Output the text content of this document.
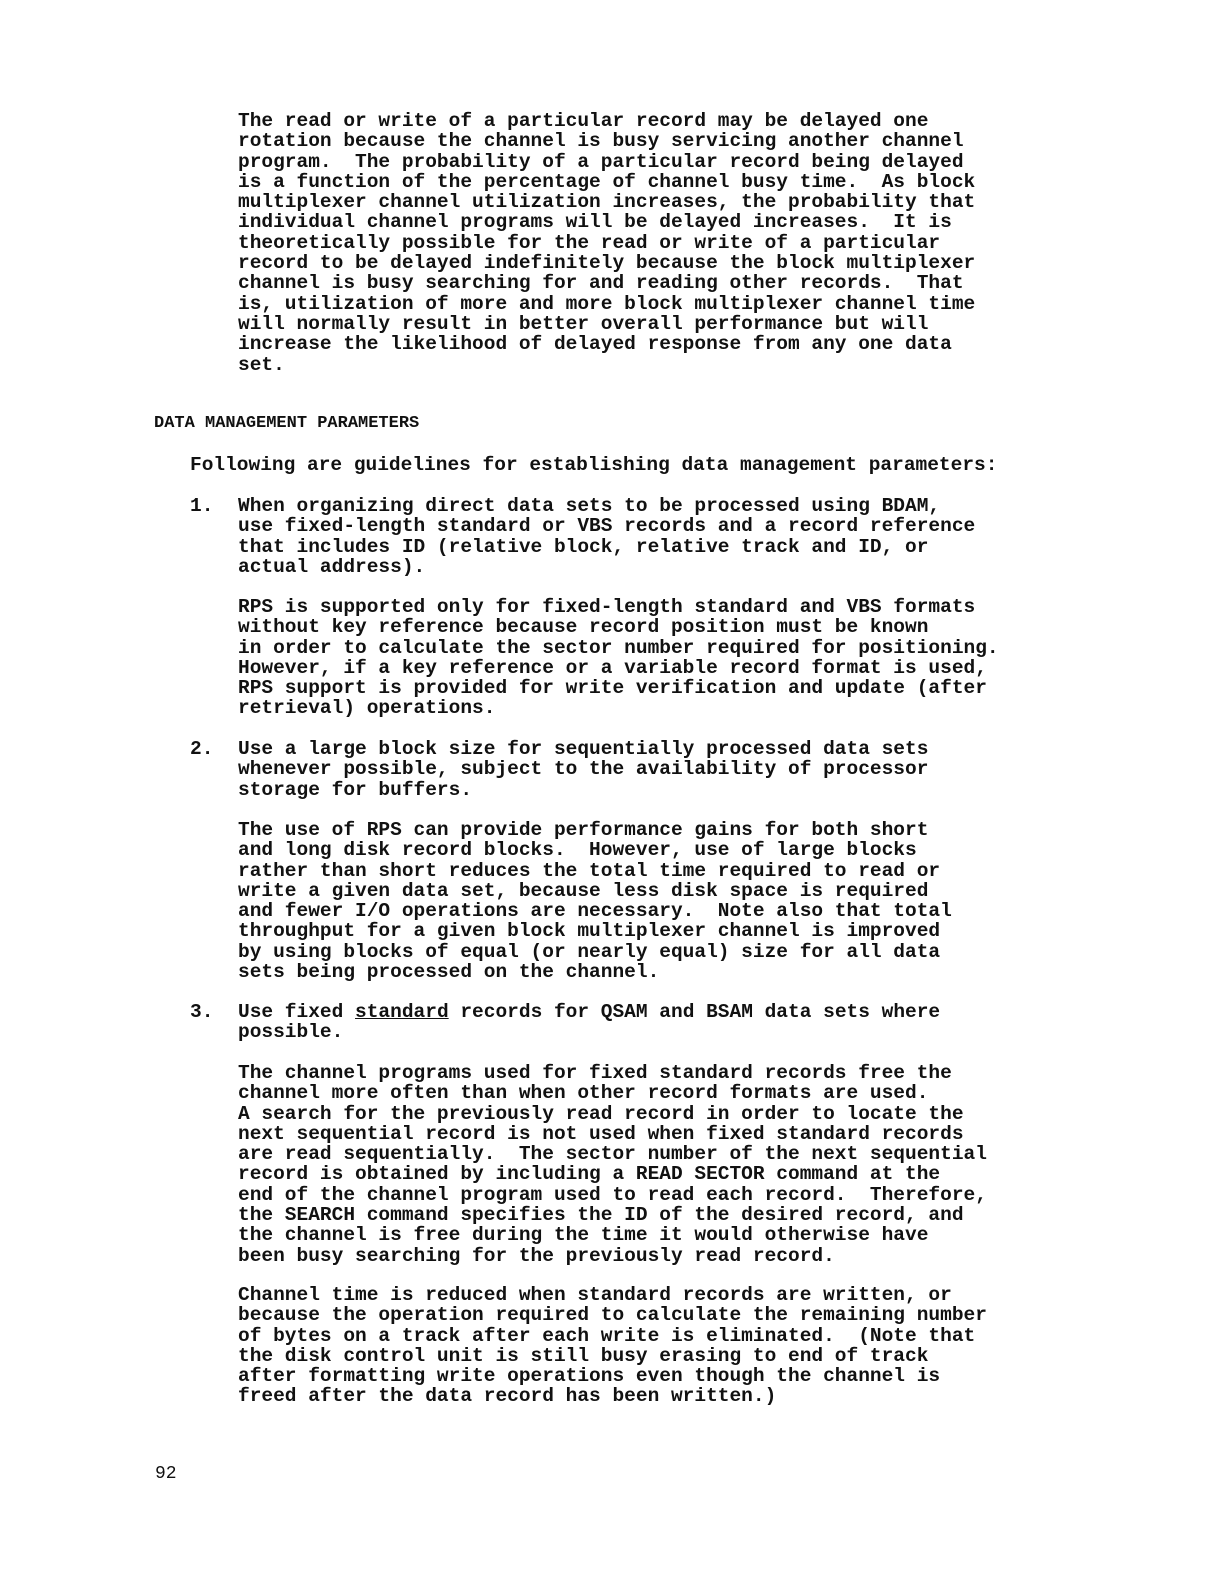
The read or write of a particular record may be delayed one
rotation because the channel is busy servicing another channel
program.  The probability of a particular record being delayed
is a function of the percentage of channel busy time.  As block
multiplexer channel utilization increases, the probability that
individual channel programs will be delayed increases.  It is
theoretically possible for the read or write of a particular
record to be delayed indefinitely because the block multiplexer
channel is busy searching for and reading other records.  That
is, utilization of more and more block multiplexer channel time
will normally result in better overall performance but will
increase the likelihood of delayed response from any one data
set.
DATA MANAGEMENT PARAMETERS
Following are guidelines for establishing data management parameters:
1. When organizing direct data sets to be processed using BDAM,
use fixed-length standard or VBS records and a record reference
that includes ID (relative block, relative track and ID, or
actual address).
RPS is supported only for fixed-length standard and VBS formats
without key reference because record position must be known
in order to calculate the sector number required for positioning.
However, if a key reference or a variable record format is used,
RPS support is provided for write verification and update (after
retrieval) operations.
2. Use a large block size for sequentially processed data sets
whenever possible, subject to the availability of processor
storage for buffers.
The use of RPS can provide performance gains for both short
and long disk record blocks.  However, use of large blocks
rather than short reduces the total time required to read or
write a given data set, because less disk space is required
and fewer I/O operations are necessary.  Note also that total
throughput for a given block multiplexer channel is improved
by using blocks of equal (or nearly equal) size for all data
sets being processed on the channel.
3. Use fixed standard records for QSAM and BSAM data sets where
possible.
The channel programs used for fixed standard records free the
channel more often than when other record formats are used.
A search for the previously read record in order to locate the
next sequential record is not used when fixed standard records
are read sequentially.  The sector number of the next sequential
record is obtained by including a READ SECTOR command at the
end of the channel program used to read each record.  Therefore,
the SEARCH command specifies the ID of the desired record, and
the channel is free during the time it would otherwise have
been busy searching for the previously read record.
Channel time is reduced when standard records are written, or
because the operation required to calculate the remaining number
of bytes on a track after each write is eliminated.  (Note that
the disk control unit is still busy erasing to end of track
after formatting write operations even though the channel is
freed after the data record has been written.)
92
